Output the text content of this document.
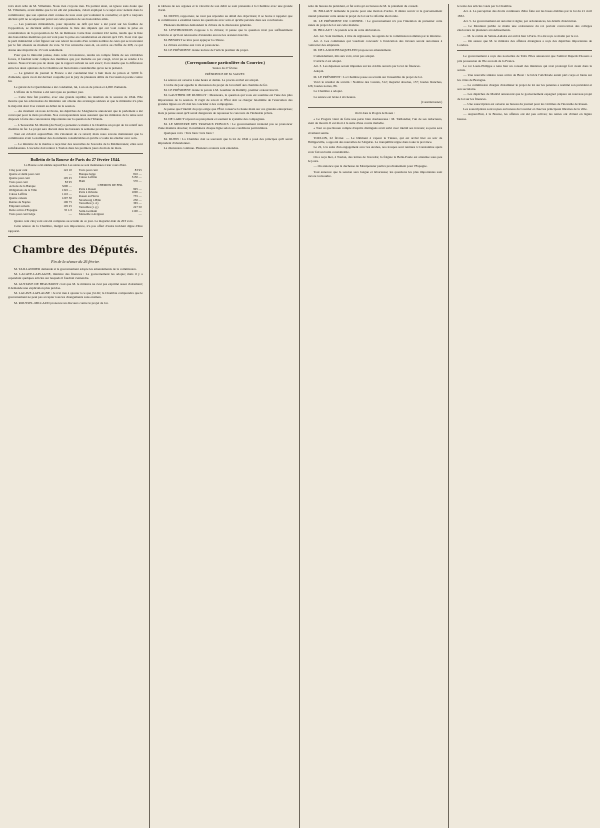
voix était celle de M. Villemain. Nous n'en croyons rien. En parlant ainsi, on ignore sans doute que M. Villemain, avant même que la loi eût été présentée, s'était expliqué à ce sujet avec netteté dans la commission; que son opinion était connue de tous ceux qui voulaient la connaître; et qu'il a toujours déclaré qu'il ne se séparerait point sur cette question de ses honorables amis.

— Les journaux ministériels, pour répondre au défi qui leur a été porté sur les feuilles de l'opposition, se décident enfin à reproduire la liste des députés qui ont voté contre la prise en considération de la proposition de M. de Rémusat. Cette liste contient 222 noms, tandis que la liste des honorables membres qui ont voté pour la prise en considération en élevait qu'à 195. Il est vrai que le parti ministériel a fait figurer sur son relevé les noms d'un certain nombre de ceux qui se trouvaient par le fait absents au moment du vote. Si l'on retranche ceux-là, on arrive au chiffre de 208, ce qui donne une majorité de 13 voix seulement.

Pour que la minorité puisse, dans cette circonstance, rendre un compte fidèle de ses véritables forces, il faudrait tenir compte des membres qui, par maladie ou par congé, n'ont pu se rendre à la séance. Nous n'avons pas de doute que le rapport suivant ne soit exact; il en résulte que la différence entre les deux opinions de la Chambre est bien moins considérable qu'on ne le prétend.

— Le général du journal la France a été condamné hier à huit mois de prison et 3,000 fr. d'amende, après avoir été déclaré coupable par le jury de plusieurs délits de l'accusation portée contre lui.

Le gérant de la Quotidienne a été condamné, lui, à un an de prison et 4,000 d'amende.

L'affaire de la Nation a été renvoyée au premier jour.

— Cette liste fait paraître, avec une grande rapidité, les résultats de la session de 1844. Elle montre que les adversaires du ministère ont obtenu des avantages sérieux et que le ministère n'a plus la majorité dont il se vantait au début de la session.

— Au moment où nous écrivons, les dépêches de l'Angleterre annoncent que le parlement a été convoqué pour le mois prochain. Nos correspondants nous assurent que les ministres de la reine sont disposés à faire des concessions importantes sur la question de l'Irlande.

— L'honorable M. Martin (du Nord) a présenté ce matin à la Chambre un projet de loi relatif aux chemins de fer. Le projet sera discuté dans les bureaux la semaine prochaine.

Tout est éclairci aujourd'hui. On s'étonnait de ce retard; mais nous savons maintenant que la commission avait à examiner des documents considérables et qu'elle a voulu les étudier avec soin.

— Le ministre de la marine a reçu hier des nouvelles de l'escadre de la Méditerranée; elles sont satisfaisantes. L'escadre doit rentrer à Toulon dans les premiers jours du mois de mars.

Bulletin de la Bourse de Paris du 27 février 1844.
La Bourse a été animée aujourd'hui. Les rentes se sont maintenues à leur cours d'hier.
Cinq pour cent	122 10
Quatre et demi pour cent	—
Quatre pour cent	105 25
Trois pour cent	83 95
Actions de la Banque	3200 —
Obligations de la Ville	1345 —
Caisse Laffitte	1110 —
Quatre canaux	1297 50
Rentes de Naples	106 75
Emprunt romain	105 25
Dette active d'Espagne	35 1/2
Trois pour cent belge	—
Trois pour cent	83 95
Banque belge	810 —
Caisse Laffitte	5150 —
Haïti	570 —
CHEMINS DE FER.	
Paris à Rouen	995 —
Paris à Orléans	1000 —
Rouen au Havre	735 —
Strasbourg à Bâle	230 —
Versailles (r. d.)	365 —
Versailles (r. g.)	227 50
Saint-Germain	1100 —
Marseille à Avignon	—

Quatre cent cinq voix ont été comptées au scrutin de ce jour. La majorité était de 203 voix.

Cette séance de la Chambre, malgré son importance, n'a pas offert d'autre incident digne d'être rapporté.

Chambre des Députés.
Fin de la séance du 26 février.

M. TAILLANDIER demande si le gouvernement adopte les amendements de la commission.

M. LACAVE-LAPLAGNE, ministre des finances : Le gouvernement les adopte; mais il y a cependant quelques articles sur lesquels il faudrait s'entendre.

M. GUSTAVE DE BEAUMONT croit que M. le ministre ne s'est pas exprimé assez clairement; il demande une explication plus précise.

M. LACAVE-LAPLAGNE : Je n'ai rien à ajouter à ce que j'ai dit; la Chambre comprendra que le gouvernement ne peut pas accepter tous les changements sans examen.

M. ROUSSEL-MILLAUD prononce un discours contre le projet de loi.

le tableau de ses organes et la véracité de son débit se sont présentés à la Chambre avec une grande clarté.

M. DUPIN, rapporteur, ne veut pas répondre au détail des objections; il se borne à rappeler que la commission a examiné toutes les questions avec soin et qu'elle persiste dans ses conclusions.

Plusieurs membres demandent la clôture de la discussion générale.

M. LESTIBOUDOIS s'oppose à la clôture; il pense que la question n'est pas suffisamment éclaircie et qu'il est nécessaire d'entendre encore les orateurs inscrits.

M. BENOIST se lève pour appuyer la clôture.

La clôture est mise aux voix et prononcée.

M. LE PRÉSIDENT donne lecture de l'article premier du projet.

(Correspondance particulière du Courrier.)
Séance du 27 février.
PRÉSIDENCE DE M. SAUZET.

La séance est ouverte à une heure et demie. Le procès-verbal est adopté.

L'ordre du jour appelle la discussion du projet de loi relatif aux chemins de fer.

M. LE PRÉSIDENT donne la parole à M. Gauthier de Rumilly, premier orateur inscrit.

M. GAUTHIER DE RUMILLY : Messieurs, la question qui vous est soumise est l'une des plus importantes de la session. Il s'agit de savoir si l'État doit se charger lui-même de l'exécution des grandes lignes ou s'il doit les concéder à des compagnies.

Je pense que l'intérêt du pays exige que l'État conserve la haute main sur ces grandes entreprises; mais je pense aussi qu'il serait dangereux de repousser le concours de l'industrie privée.

M. DE LARCY répond au préopinant et soutient le système des compagnies.

M. LE MINISTRE DES TRAVAUX PUBLICS : Le gouvernement n'entend pas se prononcer d'une manière absolue; il examinera chaque ligne selon ses conditions particulières.

Quelques voix : Très bien ! très bien !

M. DUPIN : La Chambre doit se souvenir que la loi de 1842 a posé des principes qu'il serait imprudent d'abandonner.

La discussion continue. Plusieurs orateurs sont entendus.

nette du bureau du président, et fut renvoyé au bureau de M. le président du conseil.

M. BILLAUT demande la parole pour une motion d'ordre. Il désire savoir si le gouvernement entend présenter cette année le projet de loi sur la réforme électorale.

M. LE PRÉSIDENT DU CONSEIL : Le gouvernement n'a pas l'intention de présenter cette année de projet de loi sur cette matière.

M. BILLAUT : Je prends acte de cette déclaration.

Art. 1er. Sont institués, à titre de régisseurs, les agents de la commission nommés par le ministre.

Art. 2. Les communes qui voudront concourir à l'exécution des travaux seront autorisées à contracter des emprunts.

M. DE LA ROCHEJAQUELEIN propose un amendement.

L'amendement, mis aux voix, n'est pas adopté.

L'article 2 est adopté.

Art. 3. Les dépenses seront imputées sur les crédits ouverts par la loi de finances.

Adopté.

M. LE PRÉSIDENT : La Chambre passe au scrutin sur l'ensemble du projet de loi.

Voici le résultat du scrutin : Nombre des votants, 312; majorité absolue, 157; boules blanches, 226; boules noires, 86.

La Chambre a adopté.

La séance est levée à six heures.

(Constitutionnel.)
On lit dans le Progrès de Rouen :

« Le Progrès vient de faire une perte bien douloureuse : M. Taillandier, l'un de ses rédacteurs, vient de mourir. Il est mort à la suite d'une courte maladie.

« Tout ce que Rouen compte d'esprits distingués avait suivi avec intérêt ses travaux; sa perte sera vivement sentie.

TOULON, 22 février. — Le bâtiment à vapeur le Ténare, qui est arrivé hier au soir de Philippeville, a apporté des nouvelles de l'Algérie. La tranquillité règne dans toute la province.

Le 22, à la suite d'un engagement avec les Arabes, nos troupes sont rentrées à Constantine après avoir fait un butin considérable.

On a reçu hier, à Toulon, des lettres de l'escadre; la frégate la Belle-Poule est attendue sous peu de jours.

— On annonce que la duchesse de Montpensier partira prochainement pour l'Espagne.

Tout annonce que la session sera longue et laborieuse; les questions les plus importantes sont encore à résoudre.

le texte des articles votés par la Chambre.

Art. 4. La perception des droits continuera d'être faite sur les bases établies par la loi du 21 avril 1832.

Art. 5. Le gouvernement est autorisé à régler, par ordonnances, les détails d'exécution.

— Le Moniteur publie ce matin une ordonnance du roi portant convocation des collèges électoraux de plusieurs arrondissements.

— M. le comte de Sainte-Aulaire est arrivé hier à Paris. Il a été reçu ce matin par le roi.

— On assure que M. le ministre des affaires étrangères a reçu des dépêches importantes de Londres.

Le gouvernement a reçu des nouvelles de Taïti. Elles annoncent que l'amiral Dupetit-Thouars a pris possession de l'île au nom de la France.

Le roi Louis-Philippe a tenu hier un conseil des ministres qui s'est prolongé fort avant dans la soirée.

— Une nouvelle sinistre nous arrive de Brest : le brick l'Alcibiade aurait péri corps et biens sur les côtes de Bretagne.

— La commission chargée d'examiner le projet de loi sur les patentes a nommé son président et son secrétaire.

— Les dépêches de Madrid annoncent que le gouvernement espagnol prépare un nouveau projet de loi sur les finances.

— Une souscription est ouverte au bureau du journal pour les victimes de l'incendie de Rouen.

Les souscriptions sont reçues au bureau du Courrier et chez les principaux libraires de la ville.

— Aujourd'hui, à la Bourse, les affaires ont été peu actives; les rentes ont clôturé en légère hausse.
